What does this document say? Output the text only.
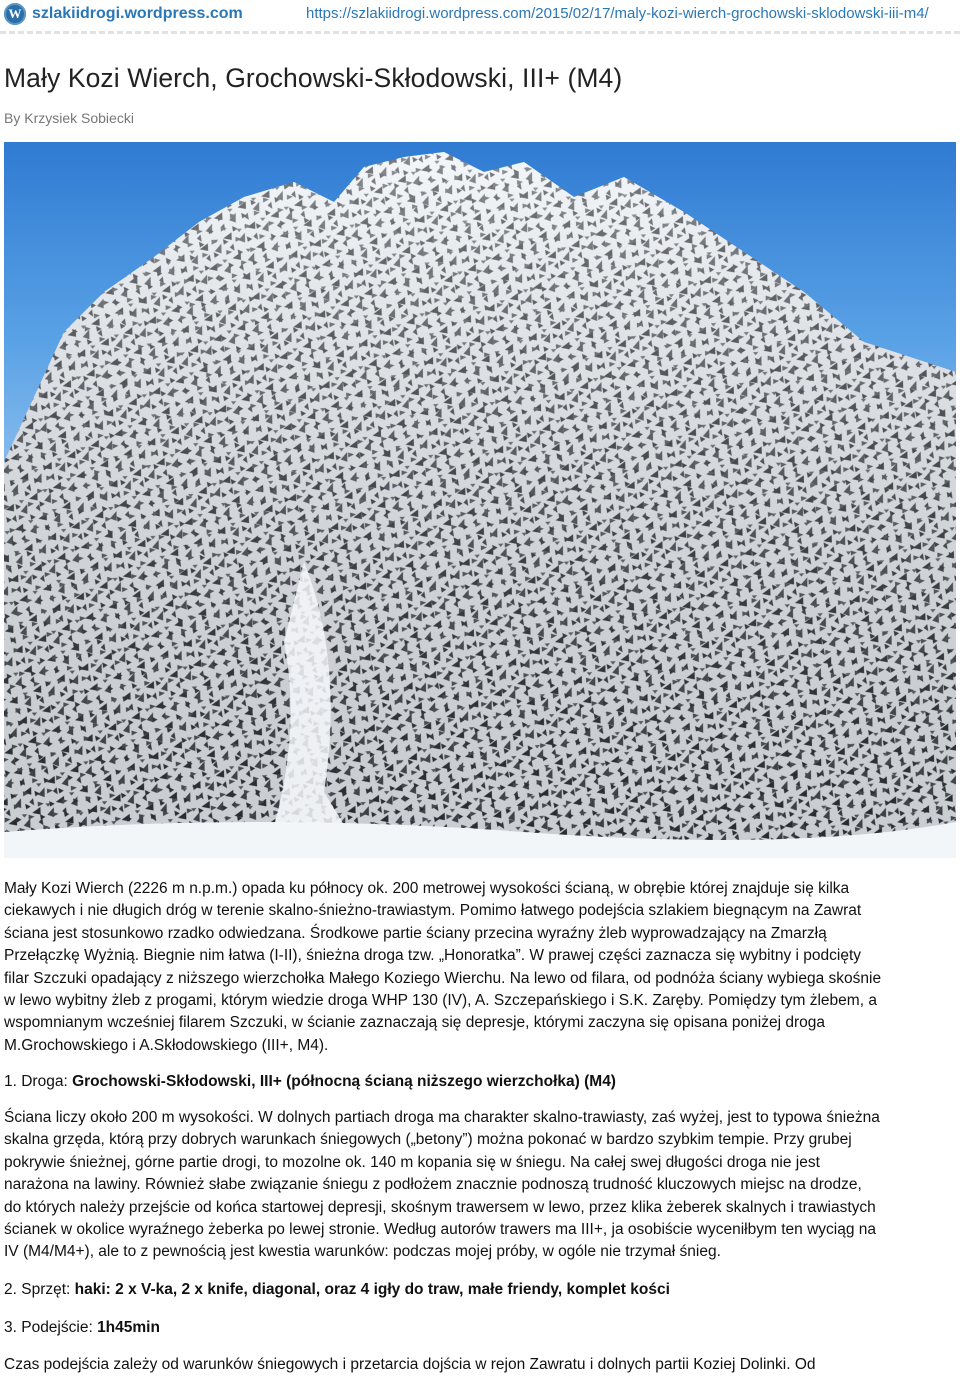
W szlakiidrogi.wordpress.com	https://szlakiidrogi.wordpress.com/2015/02/17/maly-kozi-wierch-grochowski-sklodowski-iii-m4/
Mały Kozi Wierch, Grochowski-Skłodowski, III+ (M4)
By Krzysiek Sobiecki
Mały Kozi Wierch (2226 m n.p.m.) opada ku północy ok. 200 metrowej wysokości ścianą, w obrębie której znajduje się kilka
ciekawych i nie długich dróg w terenie skalno-śnieżno-trawiastym. Pomimo łatwego podejścia szlakiem biegnącym na Zawrat
ściana jest stosunkowo rzadko odwiedzana. Środkowe partie ściany przecina wyraźny żleb wyprowadzający na Zmarzłą
Przełączkę Wyżnią. Biegnie nim łatwa (I-II), śnieżna droga tzw. „Honoratka”. W prawej części zaznacza się wybitny i podcięty
filar Szczuki opadający z niższego wierzchołka Małego Koziego Wierchu. Na lewo od filara, od podnóża ściany wybiega skośnie
w lewo wybitny żleb z progami, którym wiedzie droga WHP 130 (IV), A. Szczepańskiego i S.K. Zaręby. Pomiędzy tym żlebem, a
wspomnianym wcześniej filarem Szczuki, w ścianie zaznaczają się depresje, którymi zaczyna się opisana poniżej droga
M.Grochowskiego i A.Skłodowskiego (III+, M4).
1. Droga: Grochowski-Skłodowski, III+ (północną ścianą niższego wierzchołka) (M4)
Ściana liczy około 200 m wysokości. W dolnych partiach droga ma charakter skalno-trawiasty, zaś wyżej, jest to typowa śnieżna
skalna grzęda, którą przy dobrych warunkach śniegowych („betony”) można pokonać w bardzo szybkim tempie. Przy grubej
pokrywie śnieżnej, górne partie drogi, to mozolne ok. 140 m kopania się w śniegu. Na całej swej długości droga nie jest
narażona na lawiny. Również słabe związanie śniegu z podłożem znacznie podnoszą trudność kluczowych miejsc na drodze,
do których należy przejście od końca startowej depresji, skośnym trawersem w lewo, przez klika żeberek skalnych i trawiastych
ścianek w okolice wyraźnego żeberka po lewej stronie. Według autorów trawers ma III+, ja osobiście wyceniłbym ten wyciąg na
IV (M4/M4+), ale to z pewnością jest kwestia warunków: podczas mojej próby, w ogóle nie trzymał śnieg.
2. Sprzęt: haki: 2 x V-ka, 2 x knife, diagonal, oraz 4 igły do traw, małe friendy, komplet kości
3. Podejście: 1h45min
Czas podejścia zależy od warunków śniegowych i przetarcia dojścia w rejon Zawratu i dolnych partii Koziej Dolinki. Od
